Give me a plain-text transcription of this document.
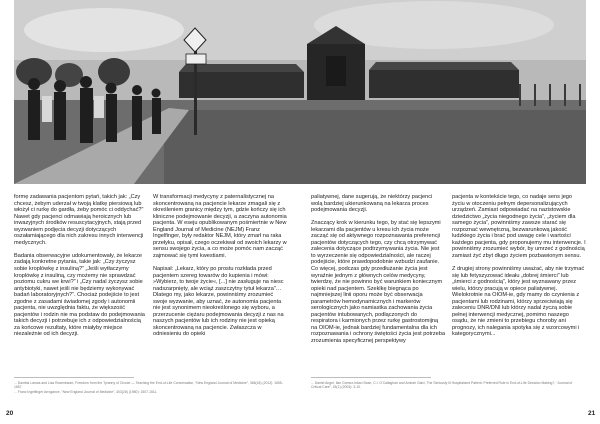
formę zadawania pacjentom pytań, takich jak: „Czy chcesz, żebym uderzał w twoją klatkę piersiową lub włożył ci rurkę do gardła, żeby pomóc ci oddychać?” Nawet gdy pacjenci odmawiają heroicznych lub inwazyjnych środków resuscytacyjnych, stają przed wyzwaniem podjęcia decyzji dotyczących oszałamiającego dla nich zakresu innych interwencji medycznych.

Badania obserwacyjne udokumentowały, że lekarze zadają konkretne pytania, takie jak: „Czy życzysz sobie kroplówkę z insuliną?” „Jeśli wytłaczymy kroplówkę z insuliną, czy możemy nie sprawdzać poziomu cukru we krwi?” i „Czy nadal życzysz sobie antybiotyki, nawet jeśli nie będziemy wykonywać badań laboratoryjnych?”. Chociaż podejście to jest zgodne z zasadami świadomej zgody i autonomii pacjenta, nie uwzględnia faktu, że większość pacjentów i rodzin nie ma podstaw do podejmowania takich decyzji i potrzebuje ich z odpowiedzialnością za końcowe rezultaty, które miałyby miejsce niezależnie od ich decyzji.

W transformacji medycyny z paternalistycznej na skoncentrowaną na pacjencie lekarze zmagali się z określeniem granicy między tym, gdzie kończy się ich kliniczne podejmowanie decyzji, a zaczyna autonomia pacjenta. W eseju opublikowanym pośmiertnie w New England Journal of Medicine (NEJM) Franz Ingelfinger, były redaktor NEJM, który zmarł na raka przełyku, opisał, czego oczekiwał od swoich lekarzy w sensu swojego życia, a co może pomóc nam zacząć zajmować się tymi kwestiami.

Napisał: „Lekarz, który po prostu rozkłada przed pacjentem szereg towarów do kupienia i mówi: »Wybierz, to twoje życie«, [...] nie zasługuje na niesc nadszarpnięty, ale wciąż zaszczytny tytuł lekarza”… Dlatego my, jako lekarze, powinniśmy zrozumieć swoje wyzwanie, aby uznać, że autonomia pacjenta nie jest synonimem nieokreślonego się wyboru, a przerzucenie ciężaru podejmowania decyzji z nas na naszych pacjentów lub ich rodziny nie jest opieką skoncentrowaną na pacjencie. Zwłaszcza w odniesieniu do opieki

paliatywnej, dane sugerują, że niektórzy pacjenci wolą bardziej ukierunkowaną na lekarza proces podejmowania decyzji.

Znaczący krok w kierunku tego, by stać się lepszymi lekarzami dla pacjentów u kresu ich życia może zacząć się od aktywnego rozpoznawania preferencji pacjentów dotyczących tego, czy chcą otrzymywać zalecenia dotyczące podtrzymywania życia. Nie jest to wyrzeczenie się odpowiedzialności, ale raczej podejście, które prawdopodobnie wzbudzi zaufanie. Co więcej, podczas gdy przedłużanie życia jest wyraźnie jednym z głównych celów medycyny, twierdzę, że nie powinno być warunkiem koniecznym opieki nad pacjentem. Szeklkę biegnąca po najmniejszej linii oporu może być obserwacja parametrów hemodynamicznych i markerów serologicznych jako namiastka zachowania życia pacjentów intubowanych, podłączonych do respiratora i karmionych przez rurkę gastrostomijną na OIOM-ie, jednak bardziej fundamentalna dla ich rozpoznawania i ochrony świętości życia jest potrzeba zrozumienia specyficznej perspektywy

pacjenta w kontekście tego, co nadaje sens jego życiu w otoczeniu pełnym depersonalizujących urządzeń. Zamiast odpowiadać na nazistowskie dziedzictwo „życia niegodnego życia”, „życiem dla samego życia”, powinniśmy zawsze starać się rozpoznać wewnętrzną, bezwarunkową jakość ludzkiego życia i brać pod uwagę cele i wartości każdego pacjenta, gdy proponujemy mu interwencje. I powinniśmy zrozumieć wybór, by umrzeć z godnością zamiast żyć zbyt długo życiem pozbawionym sensu.

Z drugiej strony powinniśmy uważać, aby nie trzymać się lub fetyszyzować ideału „dobrej śmierci” lub „śmierci z godnością”, który jest wyznawany przez wielu, którzy pracują w opiece paliatywnej. Wielokrotnie na OIOM-ie, gdy mamy do czynienia z pacjentami lub rodzinami, którzy sprzeciwiają się zaleceniu DNR/DNI lub którzy nadal życzą sobie pełnej interwencji medycznej, pomimo naszego osądu, że nie zmieni to przebiegu choroby ani prognozy, ich nalegania spotyka się z wzorcowymi i kategorycznymi...

... Daniela Lamas and Lisa Rosenbaum, Freedom from the Tyranny of Choice — Teaching the End-of-Life Conversation, “New England Journal of Medicine”, 366(18) (2012): 1655-1657.
... Franz Ingelfinger Arrogance, “New England Journal of Medicine”, 303(26) (1980): 1507-1511.
... Daniel Angel, Ilan Gomez-Inkan Sean, C.I. O'Callaghan and Amirah Galvi, The Seriously Ill Hospitalized Patient: Preferred Role in End-of-Life Decision Making?, “Journal of Critical Care”, 18(1) (2003): 3-10.
20	21
